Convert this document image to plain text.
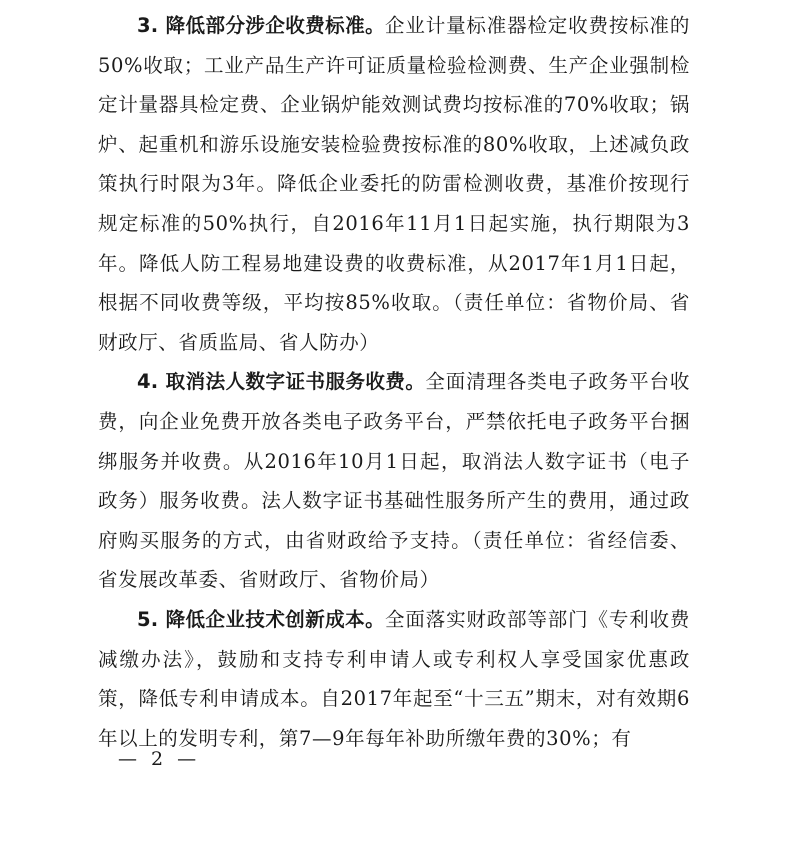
3. 降低部分涉企收费标准。企业计量标准器检定收费按标准的50%收取；工业产品生产许可证质量检验检测费、生产企业强制检定计量器具检定费、企业锅炉能效测试费均按标准的70%收取；锅炉、起重机和游乐设施安装检验费按标准的80%收取，上述减负政策执行时限为3年。降低企业委托的防雷检测收费，基准价按现行规定标准的50%执行，自2016年11月1日起实施，执行期限为3年。降低人防工程易地建设费的收费标准，从2017年1月1日起，根据不同收费等级，平均按85%收取。（责任单位：省物价局、省财政厅、省质监局、省人防办）

4. 取消法人数字证书服务收费。全面清理各类电子政务平台收费，向企业免费开放各类电子政务平台，严禁依托电子政务平台捆绑服务并收费。从2016年10月1日起，取消法人数字证书（电子政务）服务收费。法人数字证书基础性服务所产生的费用，通过政府购买服务的方式，由省财政给予支持。（责任单位：省经信委、省发展改革委、省财政厅、省物价局）

5. 降低企业技术创新成本。全面落实财政部等部门《专利收费减缴办法》，鼓励和支持专利申请人或专利权人享受国家优惠政策，降低专利申请成本。自2017年起至“十三五”期末，对有效期6年以上的发明专利，第7—9年每年补助所缴年费的30%；有

— 2 —
